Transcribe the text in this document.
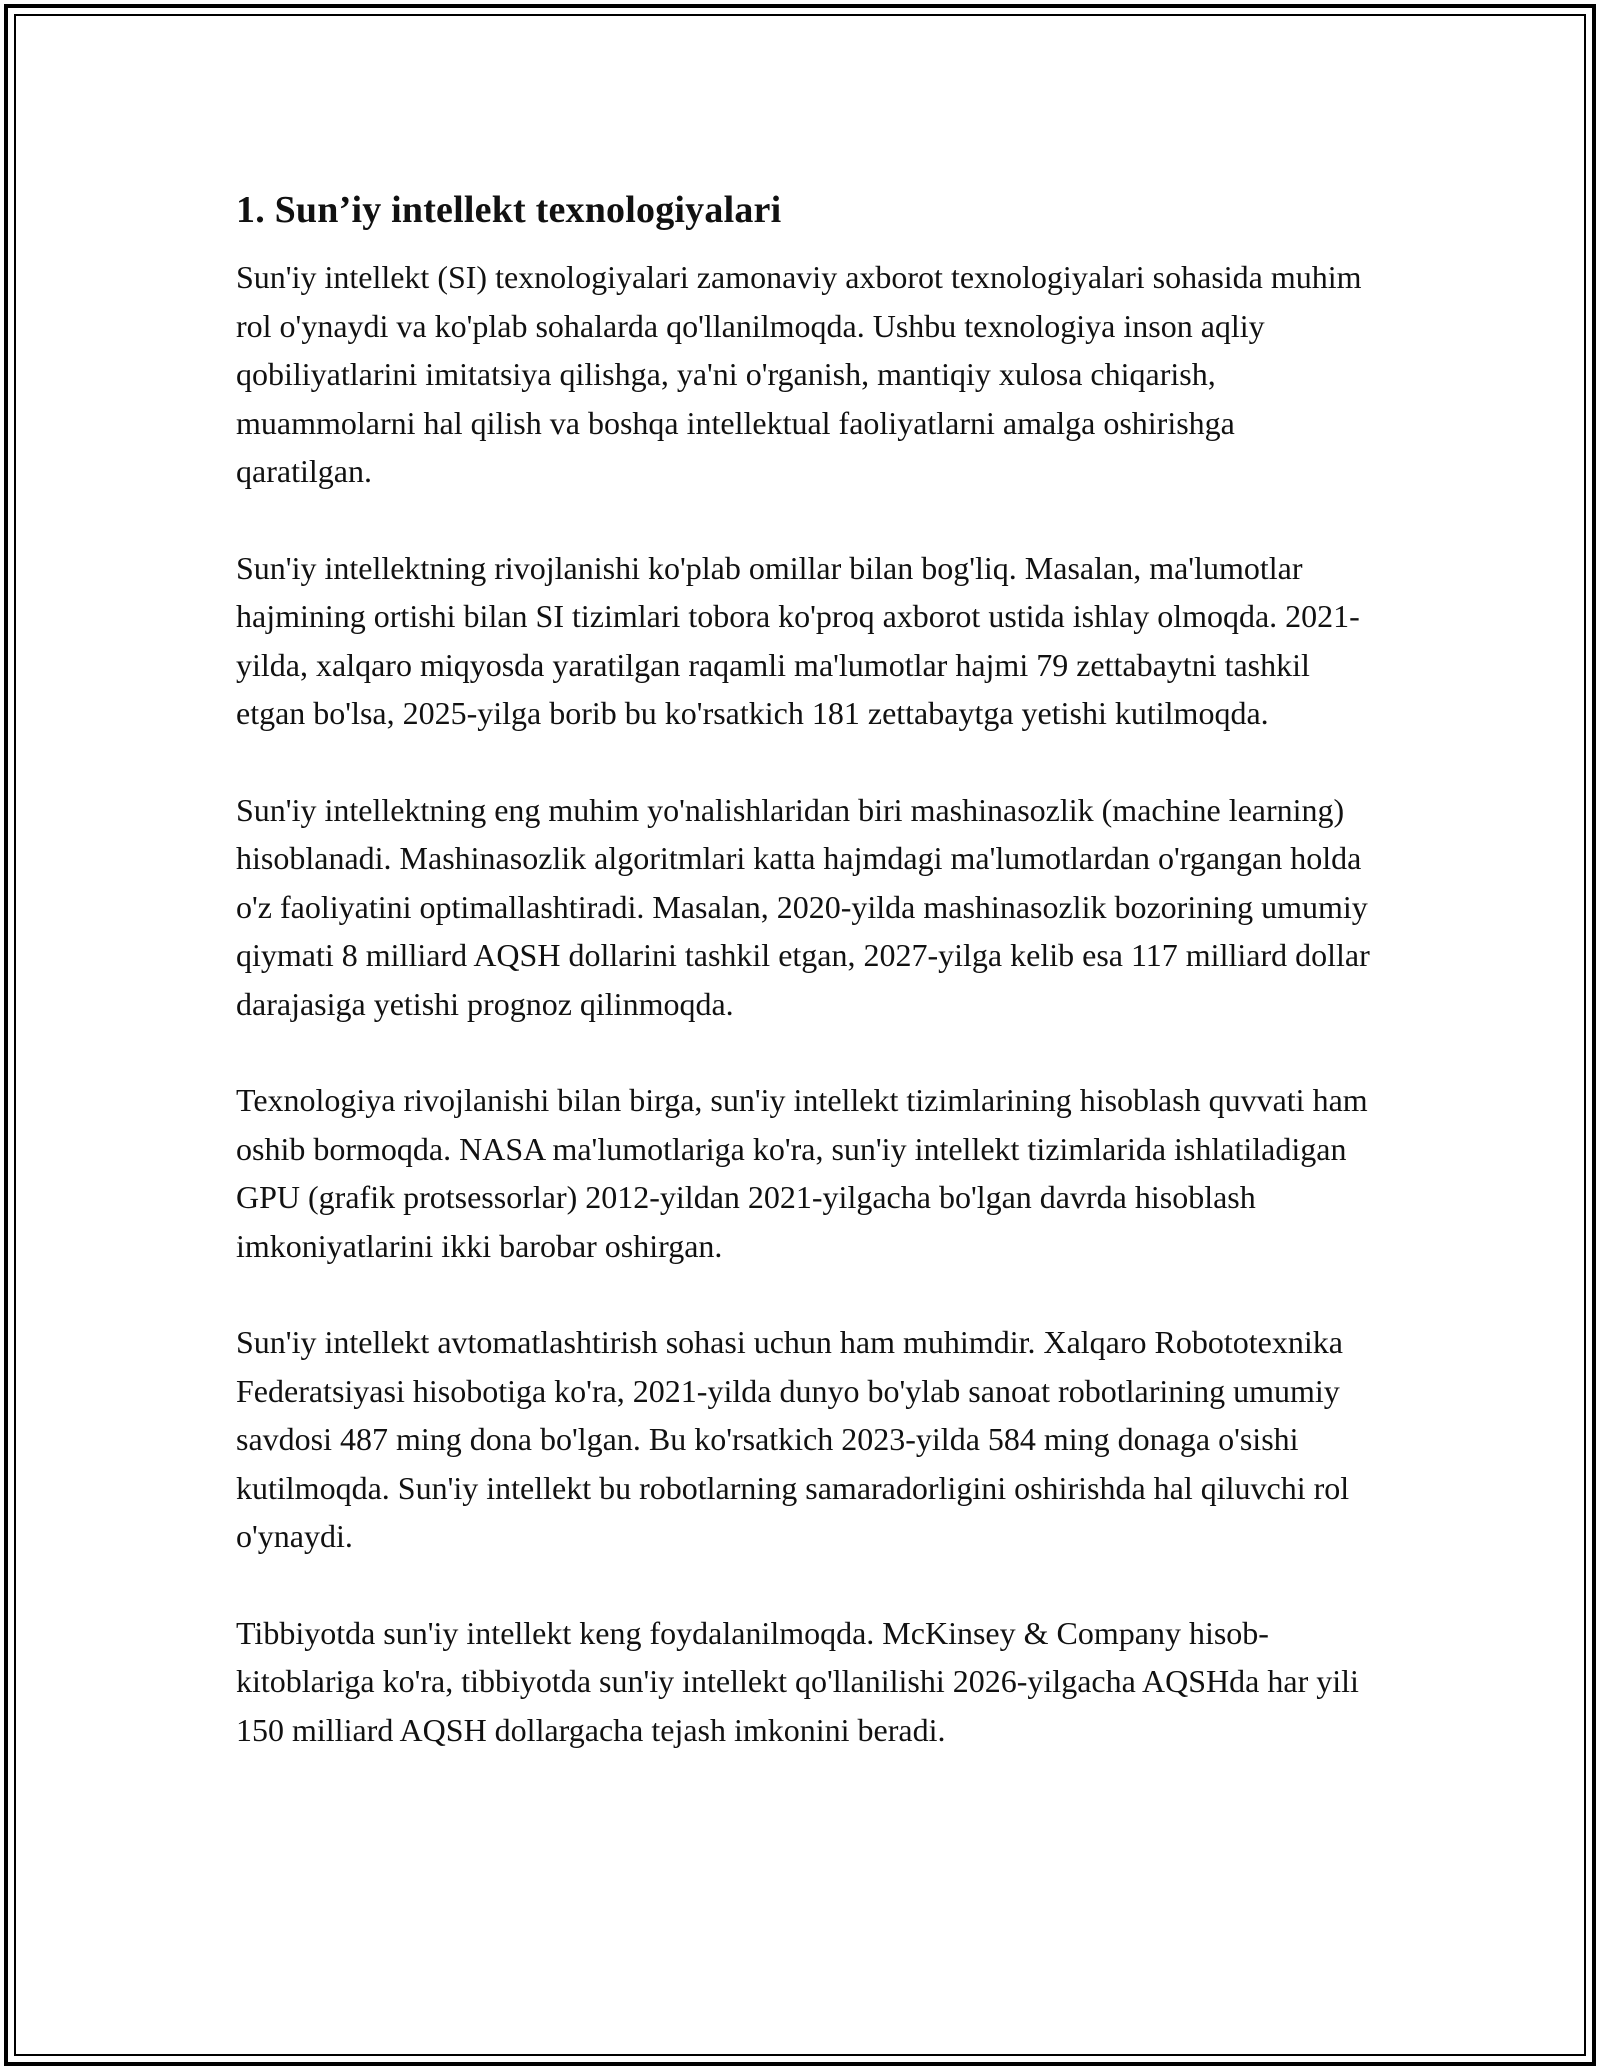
1. Sun’iy intellekt texnologiyalari

Sun'iy intellekt (SI) texnologiyalari zamonaviy axborot texnologiyalari sohasida muhim rol o'ynaydi va ko'plab sohalarda qo'llanilmoqda. Ushbu texnologiya inson aqliy qobiliyatlarini imitatsiya qilishga, ya'ni o'rganish, mantiqiy xulosa chiqarish, muammolarni hal qilish va boshqa intellektual faoliyatlarni amalga oshirishga qaratilgan.

Sun'iy intellektning rivojlanishi ko'plab omillar bilan bog'liq. Masalan, ma'lumotlar hajmining ortishi bilan SI tizimlari tobora ko'proq axborot ustida ishlay olmoqda. 2021-yilda, xalqaro miqyosda yaratilgan raqamli ma'lumotlar hajmi 79 zettabaytni tashkil etgan bo'lsa, 2025-yilga borib bu ko'rsatkich 181 zettabaytga yetishi kutilmoqda.

Sun'iy intellektning eng muhim yo'nalishlaridan biri mashinasozlik (machine learning) hisoblanadi. Mashinasozlik algoritmlari katta hajmdagi ma'lumotlardan o'rgangan holda o'z faoliyatini optimallashtiradi. Masalan, 2020-yilda mashinasozlik bozorining umumiy qiymati 8 milliard AQSH dollarini tashkil etgan, 2027-yilga kelib esa 117 milliard dollar darajasiga yetishi prognoz qilinmoqda.

Texnologiya rivojlanishi bilan birga, sun'iy intellekt tizimlarining hisoblash quvvati ham oshib bormoqda. NASA ma'lumotlariga ko'ra, sun'iy intellekt tizimlarida ishlatiladigan GPU (grafik protsessorlar) 2012-yildan 2021-yilgacha bo'lgan davrda hisoblash imkoniyatlarini ikki barobar oshirgan.

Sun'iy intellekt avtomatlashtirish sohasi uchun ham muhimdir. Xalqaro Robototexnika Federatsiyasi hisobotiga ko'ra, 2021-yilda dunyo bo'ylab sanoat robotlarining umumiy savdosi 487 ming dona bo'lgan. Bu ko'rsatkich 2023-yilda 584 ming donaga o'sishi kutilmoqda. Sun'iy intellekt bu robotlarning samaradorligini oshirishda hal qiluvchi rol o'ynaydi.

Tibbiyotda sun'iy intellekt keng foydalanilmoqda. McKinsey & Company hisob-kitoblariga ko'ra, tibbiyotda sun'iy intellekt qo'llanilishi 2026-yilgacha AQSHda har yili 150 milliard AQSH dollargacha tejash imkonini beradi.
